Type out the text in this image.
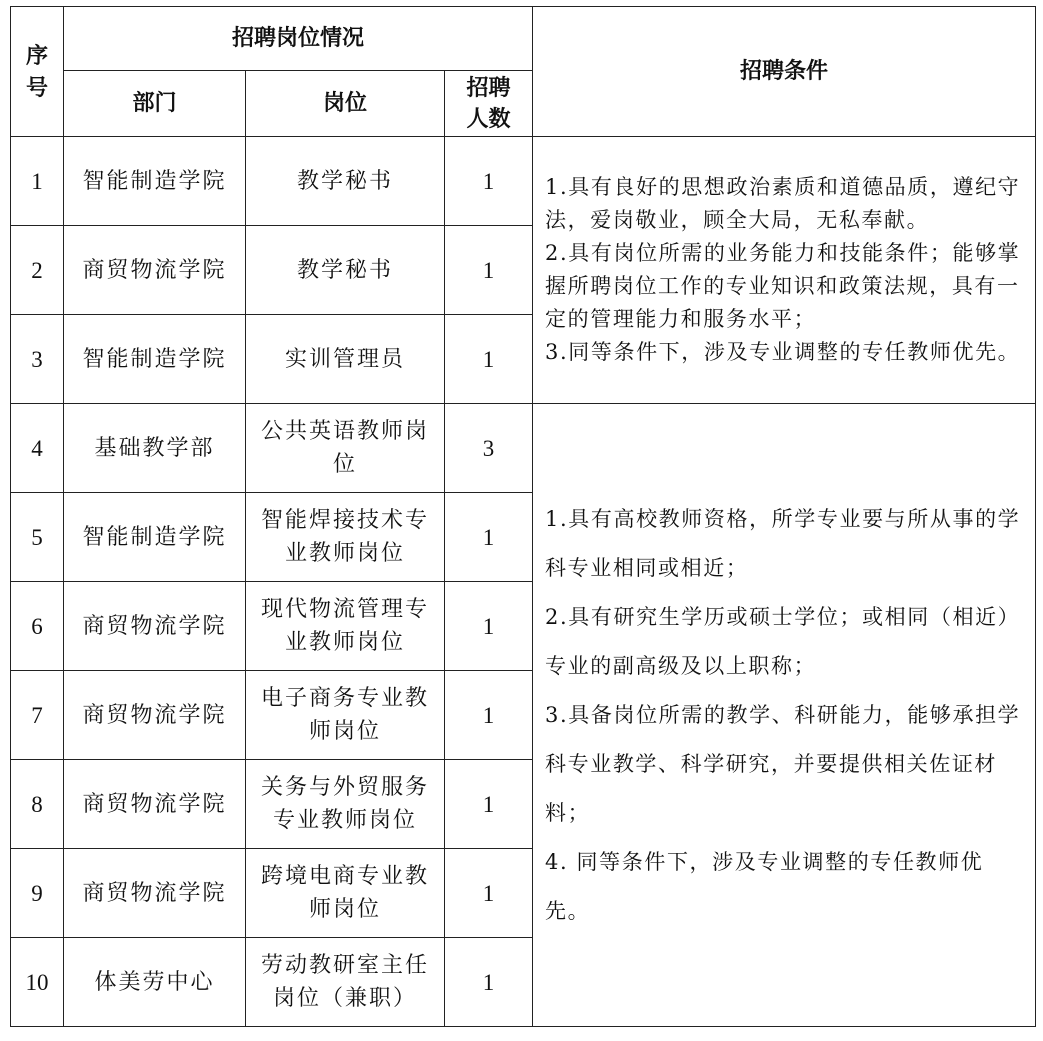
序号	招聘岗位情况			招聘条件
	部门	岗位	招聘人数	

1	智能制造学院	教学秘书	1	1.具有良好的思想政治素质和道德品质，遵纪守法，爱岗敬业，顾全大局，无私奉献。

2.具有岗位所需的业务能力和技能条件；能够掌握所聘岗位工作的专业知识和政策法规，具有一定的管理能力和服务水平；

3.同等条件下，涉及专业调整的专任教师优先。

2	商贸物流学院	教学秘书	1	
3	智能制造学院	实训管理员	1	
4	基础教学部	公共英语教师岗位	3	1.具有高校教师资格，所学专业要与所从事的学科专业相同或相近；

2.具有研究生学历或硕士学位；或相同（相近）专业的副高级及以上职称；

3.具备岗位所需的教学、科研能力，能够承担学科专业教学、科学研究，并要提供相关佐证材料；

4. 同等条件下，涉及专业调整的专任教师优先。

5	智能制造学院	智能焊接技术专业教师岗位	1	
6	商贸物流学院	现代物流管理专业教师岗位	1	
7	商贸物流学院	电子商务专业教师岗位	1	
8	商贸物流学院	关务与外贸服务专业教师岗位	1	
9	商贸物流学院	跨境电商专业教师岗位	1	
10	体美劳中心	劳动教研室主任岗位（兼职）	1	
